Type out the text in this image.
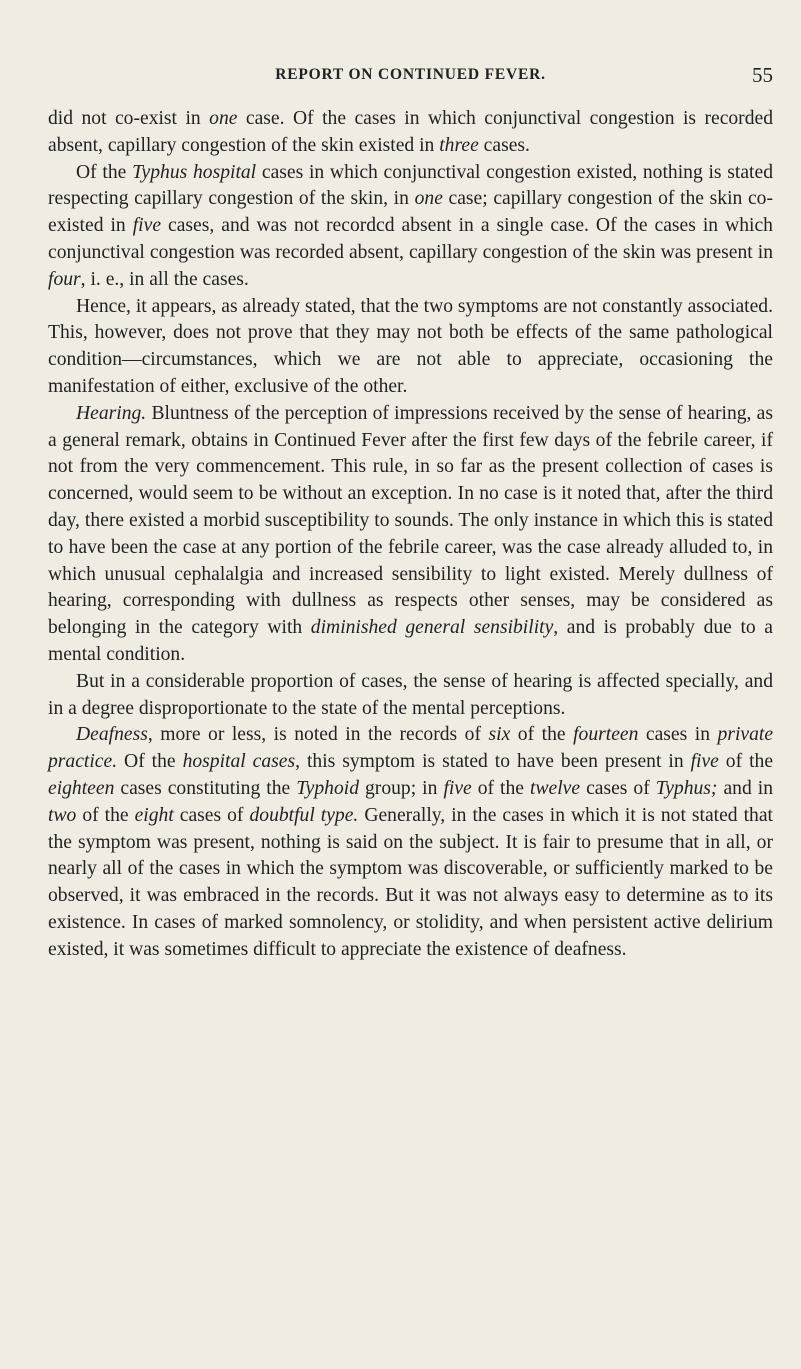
REPORT ON CONTINUED FEVER.	55

did not co-exist in one case. Of the cases in which conjunctival congestion is recorded absent, capillary congestion of the skin existed in three cases.

Of the Typhus hospital cases in which conjunctival congestion existed, nothing is stated respecting capillary congestion of the skin, in one case; capillary congestion of the skin co-existed in five cases, and was not recordcd absent in a single case. Of the cases in which conjunctival congestion was recorded absent, capillary congestion of the skin was present in four, i. e., in all the cases.

Hence, it appears, as already stated, that the two symptoms are not constantly associated. This, however, does not prove that they may not both be effects of the same pathological condition—circumstances, which we are not able to appreciate, occasioning the manifestation of either, exclusive of the other.

Hearing. Bluntness of the perception of impressions received by the sense of hearing, as a general remark, obtains in Continued Fever after the first few days of the febrile career, if not from the very commencement. This rule, in so far as the present collection of cases is concerned, would seem to be without an exception. In no case is it noted that, after the third day, there existed a morbid susceptibility to sounds. The only instance in which this is stated to have been the case at any portion of the febrile career, was the case already alluded to, in which unusual cephalalgia and increased sensibility to light existed. Merely dullness of hearing, corresponding with dullness as respects other senses, may be considered as belonging in the category with diminished general sensibility, and is probably due to a mental condition.

But in a considerable proportion of cases, the sense of hearing is affected specially, and in a degree disproportionate to the state of the mental perceptions.

Deafness, more or less, is noted in the records of six of the fourteen cases in private practice. Of the hospital cases, this symptom is stated to have been present in five of the eighteen cases constituting the Typhoid group; in five of the twelve cases of Typhus; and in two of the eight cases of doubtful type. Generally, in the cases in which it is not stated that the symptom was present, nothing is said on the subject. It is fair to presume that in all, or nearly all of the cases in which the symptom was discoverable, or sufficiently marked to be observed, it was embraced in the records. But it was not always easy to determine as to its existence. In cases of marked somnolency, or stolidity, and when persistent active delirium existed, it was sometimes difficult to appreciate the existence of deafness.
